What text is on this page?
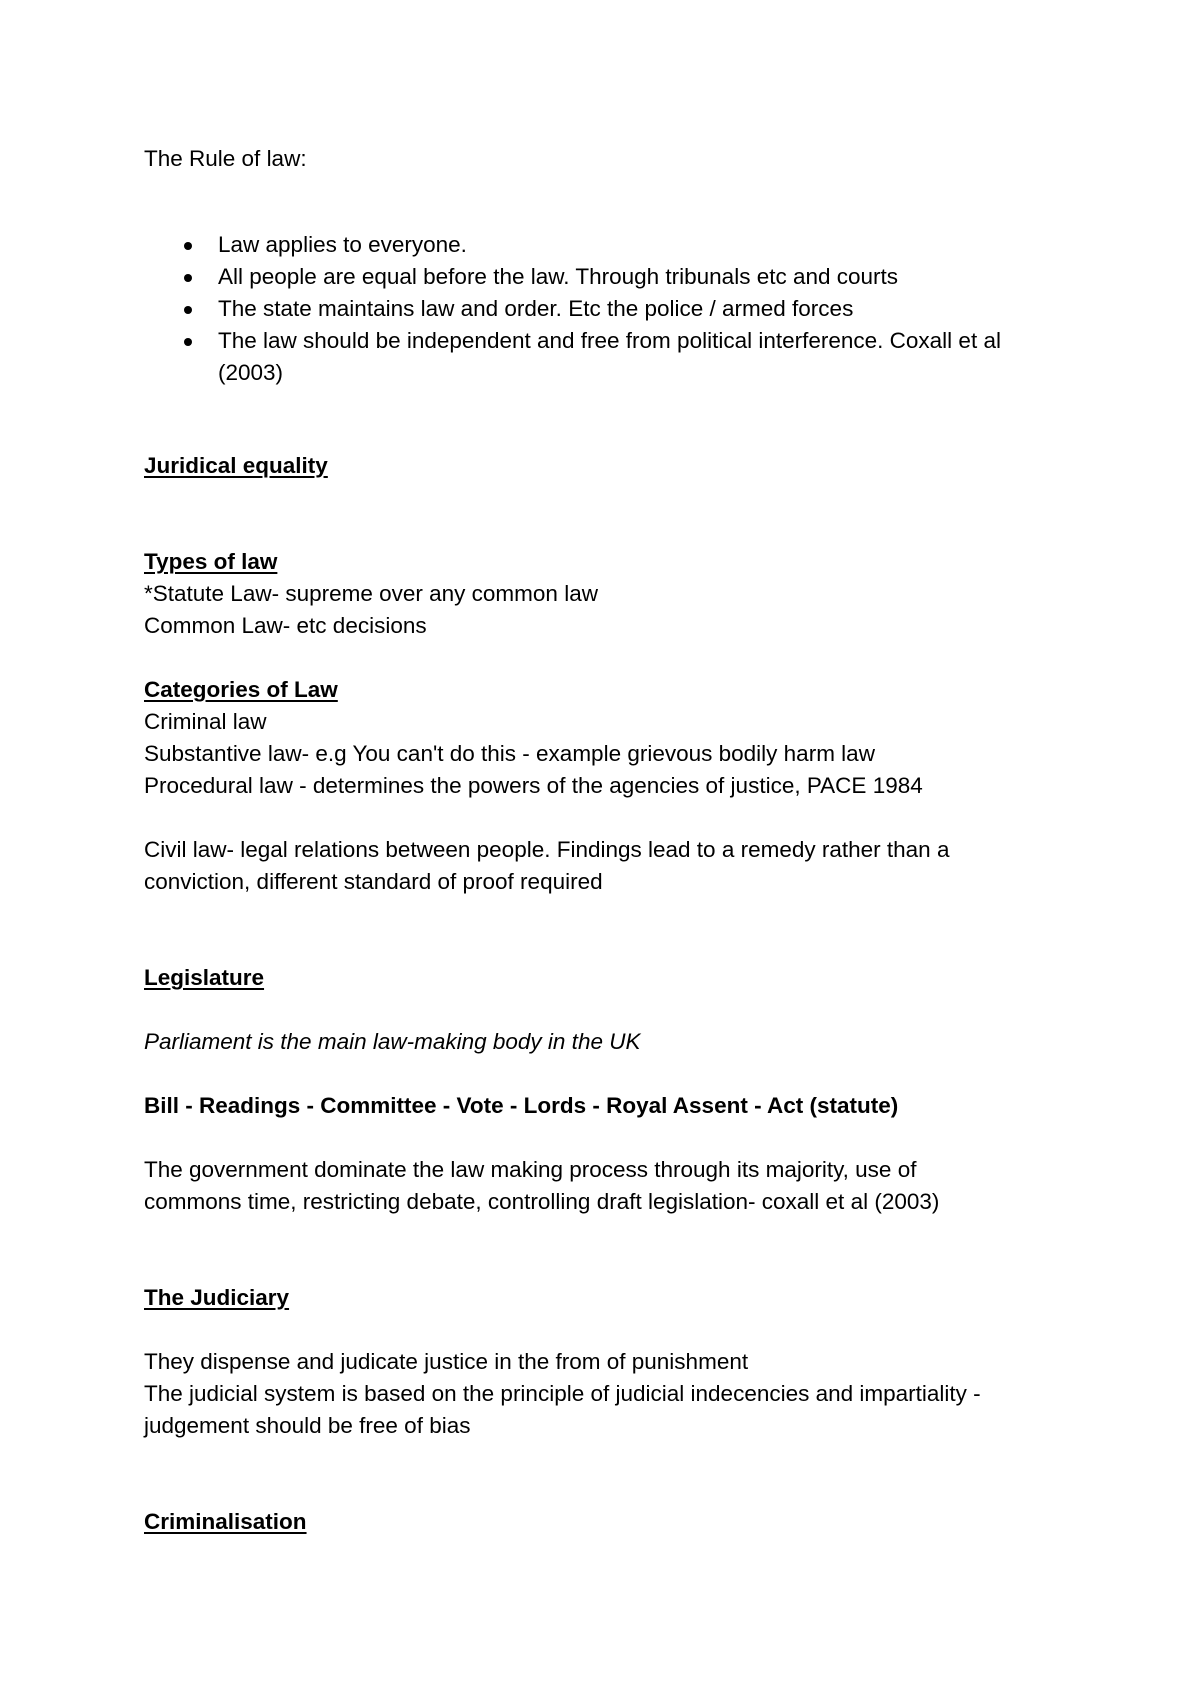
The Rule of law:
Law applies to everyone.
All people are equal before the law. Through tribunals etc and courts
The state maintains law and order. Etc the police / armed forces
The law should be independent and free from political interference. Coxall et al (2003)
Juridical equality
Types of law
*Statute Law- supreme over any common law
Common Law- etc decisions
Categories of Law
Criminal law
Substantive law- e.g You can't do this - example grievous bodily harm law
Procedural law - determines the powers of the agencies of justice, PACE 1984
Civil law- legal relations between people. Findings lead to a remedy rather than a
conviction, different standard of proof required
Legislature
Parliament is the main law-making body in the UK
Bill - Readings - Committee - Vote - Lords - Royal Assent - Act (statute)
The government dominate the law making process through its majority, use of
commons time, restricting debate, controlling draft legislation- coxall et al (2003)
The Judiciary
They dispense and judicate justice in the from of punishment
The judicial system is based on the principle of judicial indecencies and impartiality -
judgement should be free of bias
Criminalisation
